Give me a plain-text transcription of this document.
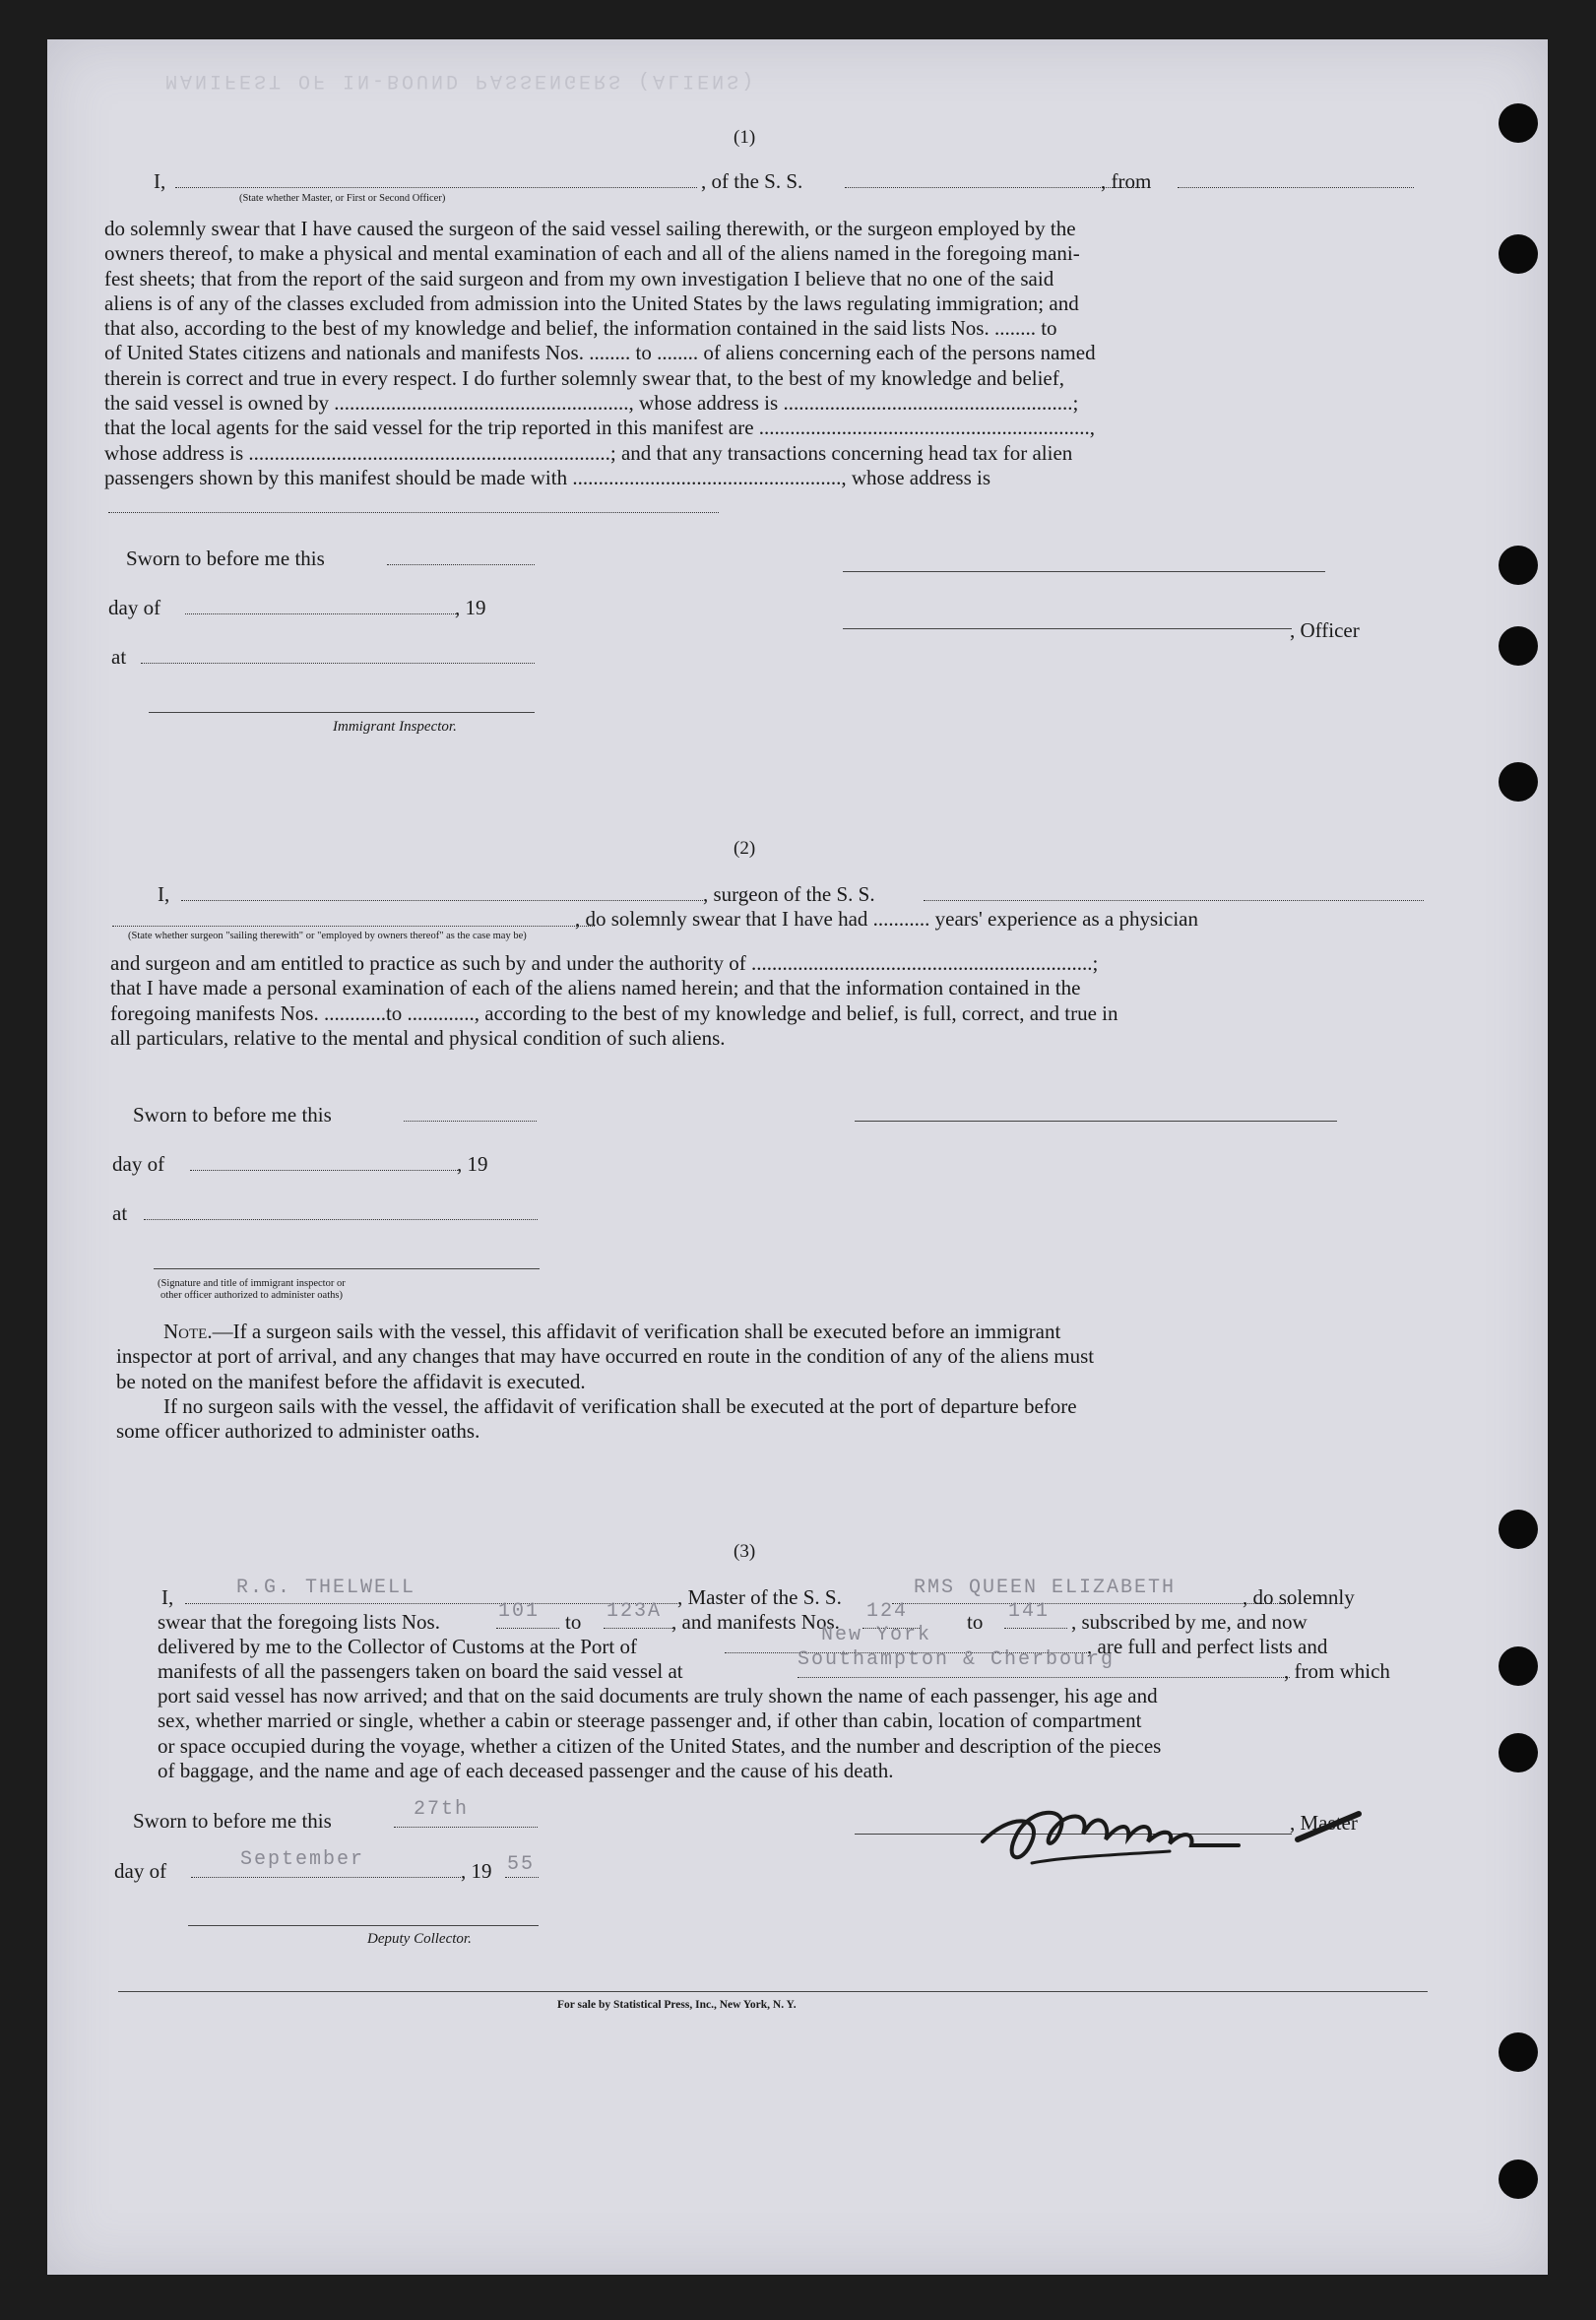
MANIFEST OF IN-BOUND PASSENGERS (ALIENS)
(1)
I,
(State whether Master, or First or Second Officer)
, of the S. S.	, from
do solemnly swear that I have caused the surgeon of the said vessel sailing therewith, or the surgeon employed by the
owners thereof, to make a physical and mental examination of each and all of the aliens named in the foregoing mani-
fest sheets; that from the report of the said surgeon and from my own investigation I believe that no one of the said
aliens is of any of the classes excluded from admission into the United States by the laws regulating immigration; and
that also, according to the best of my knowledge and belief, the information contained in the said lists Nos. ........ to
of United States citizens and nationals and manifests Nos. ........ to ........ of aliens concerning each of the persons named
therein is correct and true in every respect. I do further solemnly swear that, to the best of my knowledge and belief,
the said vessel is owned by ........................................................., whose address is ........................................................;
that the local agents for the said vessel for the trip reported in this manifest are ................................................................,
whose address is ......................................................................; and that any transactions concerning head tax for alien
passengers shown by this manifest should be made with ...................................................., whose address is
Sworn to before me this
day of	, 19
at
Immigrant Inspector.
, Officer
(2)
I,	, surgeon of the S. S.
, do solemnly swear that I have had ........... years' experience as a physician
(State whether surgeon "sailing therewith" or "employed by owners thereof" as the case may be)
and surgeon and am entitled to practice as such by and under the authority of ..................................................................;
that I have made a personal examination of each of the aliens named herein; and that the information contained in the
foregoing manifests Nos. ............to ............., according to the best of my knowledge and belief, is full, correct, and true in
all particulars, relative to the mental and physical condition of such aliens.
Sworn to before me this
day of	, 19
at
(Signature and title of immigrant inspector or
other officer authorized to administer oaths)
Note.—If a surgeon sails with the vessel, this affidavit of verification shall be executed before an immigrant
inspector at port of arrival, and any changes that may have occurred en route in the condition of any of the aliens must
be noted on the manifest before the affidavit is executed.
If no surgeon sails with the vessel, the affidavit of verification shall be executed at the port of departure before
some officer authorized to administer oaths.
(3)
I,	R.G. THELWELL	, Master of the S. S.	RMS QUEEN ELIZABETH	, do solemnly
swear that the foregoing lists Nos.	101 to 123A , and manifests Nos. 124	to 141 , subscribed by me, and now
delivered by me to the Collector of Customs at the Port of	New York	, are full and perfect lists and
manifests of all the passengers taken on board the said vessel at	Southampton & Cherbourg	, from which
port said vessel has now arrived; and that on the said documents are truly shown the name of each passenger, his age and
sex, whether married or single, whether a cabin or steerage passenger and, if other than cabin, location of compartment
or space occupied during the voyage, whether a citizen of the United States, and the number and description of the pieces
of baggage, and the name and age of each deceased passenger and the cause of his death.
Sworn to before me this	27th
day of	September	, 19 55
Deputy Collector.
, Master
For sale by Statistical Press, Inc., New York, N. Y.
